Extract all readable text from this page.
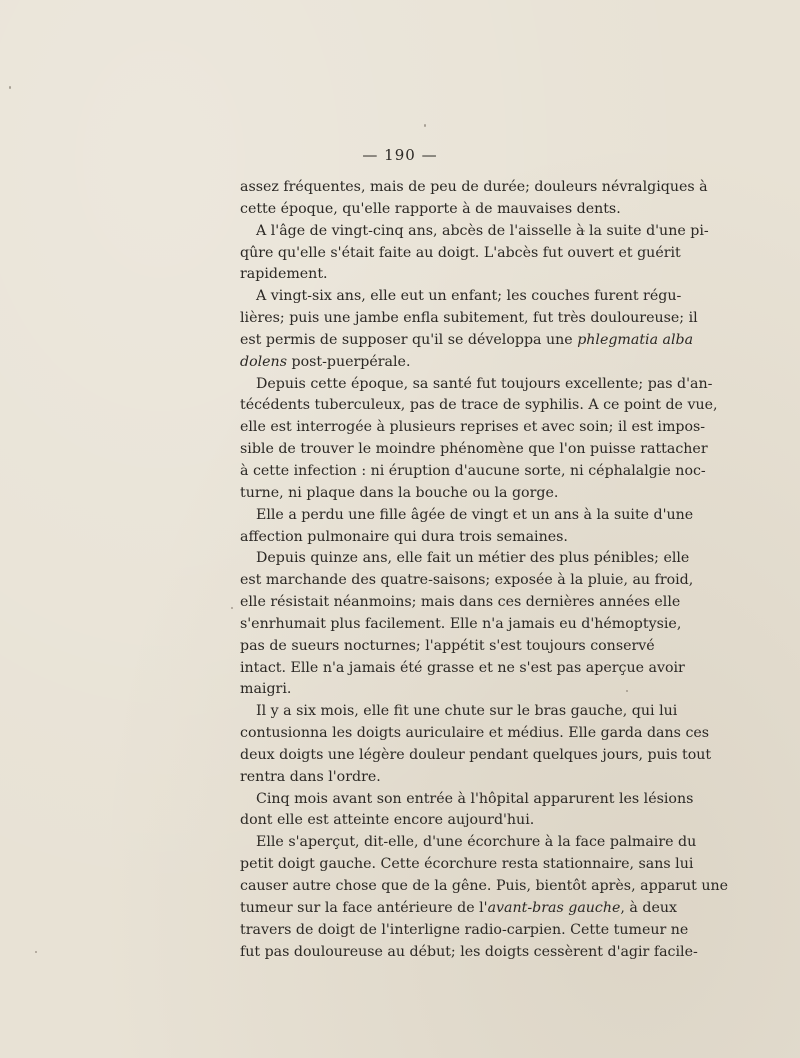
— 190 —
assez fréquentes, mais de peu de durée; douleurs névralgiques à
cette époque, qu'elle rapporte à de mauvaises dents.
A l'âge de vingt-cinq ans, abcès de l'aisselle à la suite d'une pi-
qûre qu'elle s'était faite au doigt. L'abcès fut ouvert et guérit
rapidement.
A vingt-six ans, elle eut un enfant; les couches furent régu-
lières; puis une jambe enfla subitement, fut très douloureuse; il
est permis de supposer qu'il se développa une phlegmatia alba
dolens post-puerpérale.
Depuis cette époque, sa santé fut toujours excellente; pas d'an-
técédents tuberculeux, pas de trace de syphilis. A ce point de vue,
elle est interrogée à plusieurs reprises et avec soin; il est impos-
sible de trouver le moindre phénomène que l'on puisse rattacher
à cette infection : ni éruption d'aucune sorte, ni céphalalgie noc-
turne, ni plaque dans la bouche ou la gorge.
Elle a perdu une fille âgée de vingt et un ans à la suite d'une
affection pulmonaire qui dura trois semaines.
Depuis quinze ans, elle fait un métier des plus pénibles; elle
est marchande des quatre-saisons; exposée à la pluie, au froid,
elle résistait néanmoins; mais dans ces dernières années elle
s'enrhumait plus facilement. Elle n'a jamais eu d'hémoptysie,
pas de sueurs nocturnes; l'appétit s'est toujours conservé
intact. Elle n'a jamais été grasse et ne s'est pas aperçue avoir
maigri.
Il y a six mois, elle fit une chute sur le bras gauche, qui lui
contusionna les doigts auriculaire et médius. Elle garda dans ces
deux doigts une légère douleur pendant quelques jours, puis tout
rentra dans l'ordre.
Cinq mois avant son entrée à l'hôpital apparurent les lésions
dont elle est atteinte encore aujourd'hui.
Elle s'aperçut, dit-elle, d'une écorchure à la face palmaire du
petit doigt gauche. Cette écorchure resta stationnaire, sans lui
causer autre chose que de la gêne. Puis, bientôt après, apparut une
tumeur sur la face antérieure de l'avant-bras gauche, à deux
travers de doigt de l'interligne radio-carpien. Cette tumeur ne
fut pas douloureuse au début; les doigts cessèrent d'agir facile-
